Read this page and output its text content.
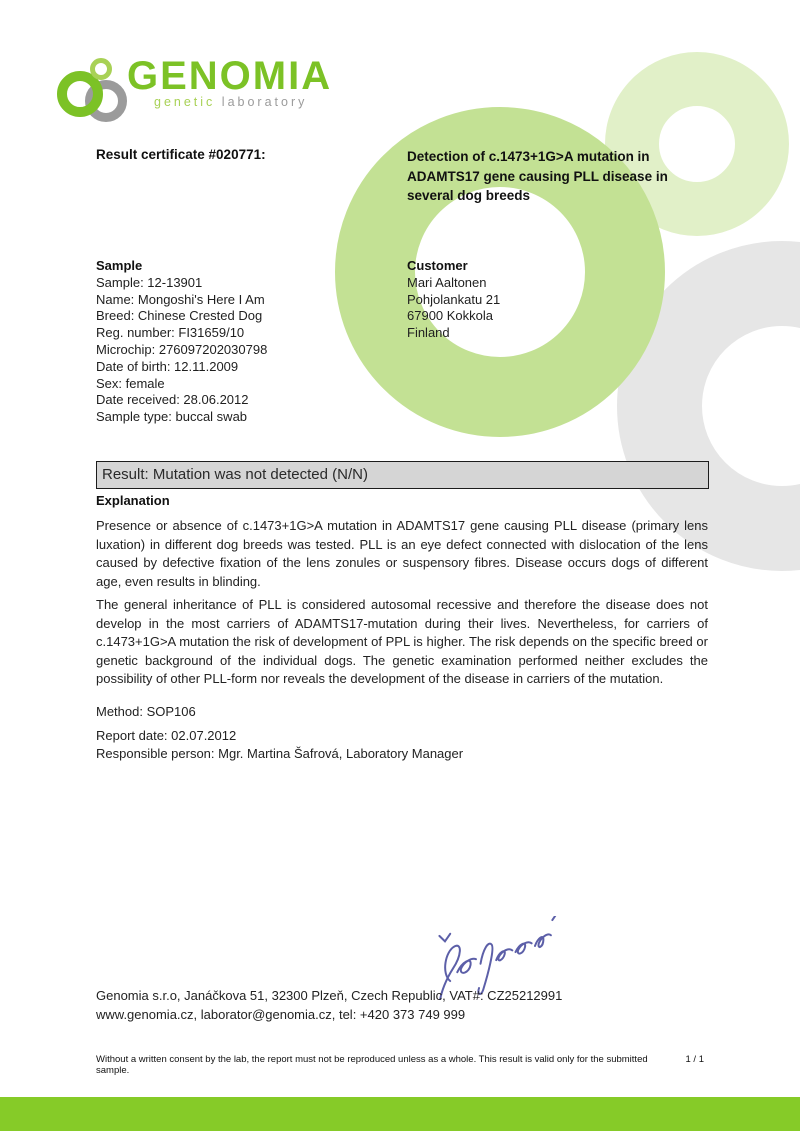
GENOMIA
genetic laboratory
Result certificate #020771:	Detection of c.1473+1G>A mutation in ADAMTS17 gene causing PLL disease in several dog breeds
Sample
Sample: 12-13901
Name: Mongoshi's Here I Am
Breed: Chinese Crested Dog
Reg. number: FI31659/10
Microchip: 276097202030798
Date of birth: 12.11.2009
Sex: female
Date received: 28.06.2012
Sample type: buccal swab
Customer
Mari Aaltonen
Pohjolankatu 21
67900 Kokkola
Finland
Result: Mutation was not detected (N/N)
Explanation
Presence or absence of c.1473+1G>A mutation in ADAMTS17 gene causing PLL disease (primary lens luxation) in different dog breeds was tested. PLL is an eye defect connected with dislocation of the lens caused by defective fixation of the lens zonules or suspensory fibres. Disease occurs dogs of different age, even results in blinding.
The general inheritance of PLL is considered autosomal recessive and therefore the disease does not develop in the most carriers of ADAMTS17-mutation during their lives. Nevertheless, for carriers of c.1473+1G>A mutation the risk of development of PPL is higher. The risk depends on the specific breed or genetic background of the individual dogs. The genetic examination performed neither excludes the possibility of other PLL-form nor reveals the development of the disease in carriers of the mutation.
Method: SOP106
Report date: 02.07.2012
Responsible person: Mgr. Martina Šafrová, Laboratory Manager
Genomia s.r.o, Janáčkova 51, 32300 Plzeň, Czech Republic, VAT#: CZ25212991
www.genomia.cz, laborator@genomia.cz, tel: +420 373 749 999
Without a written consent by the lab, the report must not be reproduced unless as a whole. This result is valid only for the submitted sample.
1 / 1
